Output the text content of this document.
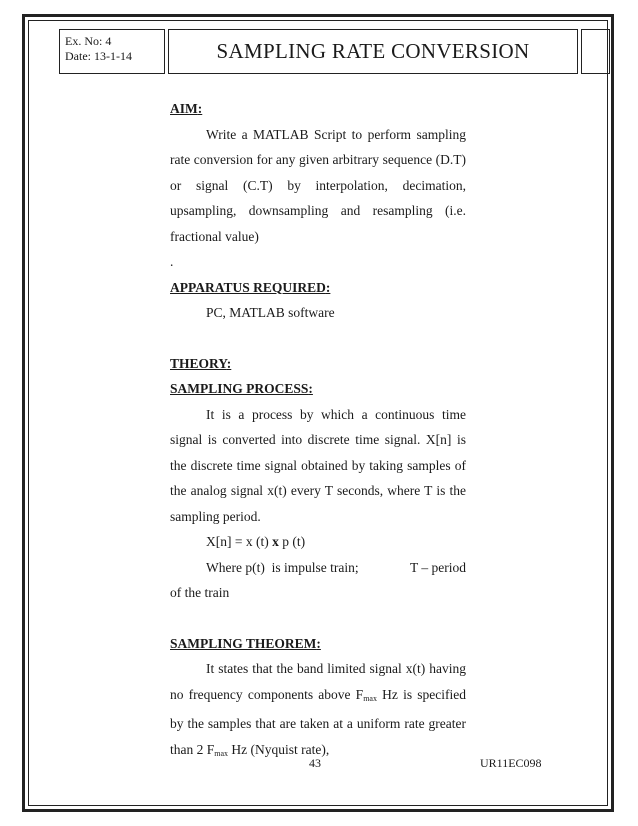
Ex. No: 4
Date: 13-1-14	SAMPLING RATE CONVERSION

AIM:

Write a MATLAB Script to perform sampling rate conversion for any given arbitrary sequence (D.T) or signal (C.T) by interpolation, decimation, upsampling, downsampling and resampling (i.e. fractional value)

.

APPARATUS REQUIRED:

PC, MATLAB software

THEORY:

SAMPLING PROCESS:

It is a process by which a continuous time signal is converted into discrete time signal. X[n] is the discrete time signal obtained by taking samples of the analog signal x(t) every T seconds, where T is the sampling period.

X[n] = x (t) x p (t)

Where p(t)  is impulse train;	T – period

of the train

SAMPLING THEOREM:

It states that the band limited signal x(t) having no frequency components above $F_{max}$ Hz is specified by the samples that are taken at a uniform rate greater than 2 $F_{max}$ Hz (Nyquist rate),

43	UR11EC098
